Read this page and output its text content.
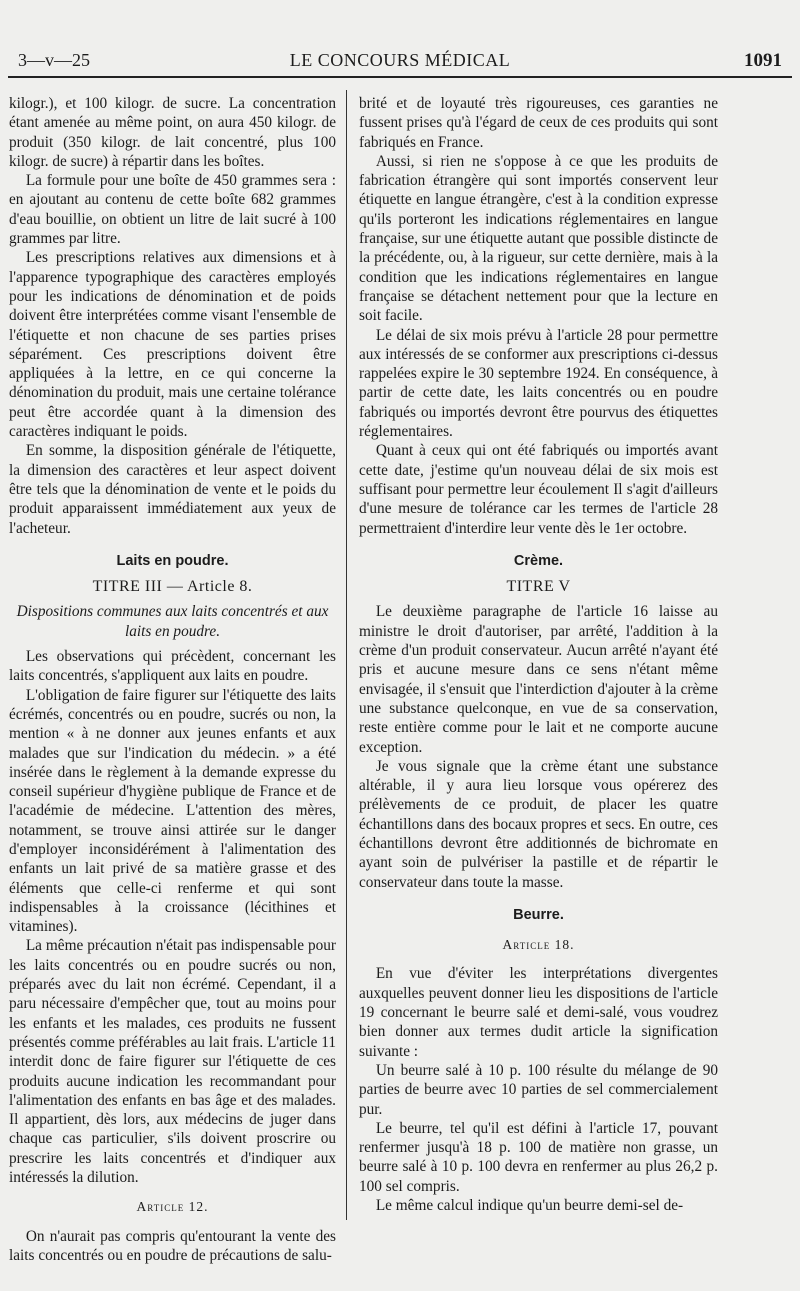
3—v—25	LE CONCOURS MÉDICAL	1091

kilogr.), et 100 kilogr. de sucre. La concentration étant amenée au même point, on aura 450 kilogr. de produit (350 kilogr. de lait concentré, plus 100 kilogr. de sucre) à répartir dans les boîtes.

La formule pour une boîte de 450 grammes sera : en ajoutant au contenu de cette boîte 682 grammes d'eau bouillie, on obtient un litre de lait sucré à 100 grammes par litre.

Les prescriptions relatives aux dimensions et à l'apparence typographique des caractères employés pour les indications de dénomination et de poids doivent être interprétées comme visant l'ensemble de l'étiquette et non chacune de ses parties prises séparément. Ces prescriptions doivent être appliquées à la lettre, en ce qui concerne la dénomination du produit, mais une certaine tolérance peut être accordée quant à la dimension des caractères indiquant le poids.

En somme, la disposition générale de l'étiquette, la dimension des caractères et leur aspect doivent être tels que la dénomination de vente et le poids du produit apparaissent immédiatement aux yeux de l'acheteur.

Laits en poudre.

TITRE III — Article 8.

Dispositions communes aux laits concentrés et aux laits en poudre.

Les observations qui précèdent, concernant les laits concentrés, s'appliquent aux laits en poudre.

L'obligation de faire figurer sur l'étiquette des laits écrémés, concentrés ou en poudre, sucrés ou non, la mention « à ne donner aux jeunes enfants et aux malades que sur l'indication du médecin. » a été insérée dans le règlement à la demande expresse du conseil supérieur d'hygiène publique de France et de l'académie de médecine. L'attention des mères, notamment, se trouve ainsi attirée sur le danger d'employer inconsidérément à l'alimentation des enfants un lait privé de sa matière grasse et des éléments que celle-ci renferme et qui sont indispensables à la croissance (lécithines et vitamines).

La même précaution n'était pas indispensable pour les laits concentrés ou en poudre sucrés ou non, préparés avec du lait non écrémé. Cependant, il a paru nécessaire d'empêcher que, tout au moins pour les enfants et les malades, ces produits ne fussent présentés comme préférables au lait frais. L'article 11 interdit donc de faire figurer sur l'étiquette de ces produits aucune indication les recommandant pour l'alimentation des enfants en bas âge et des malades. Il appartient, dès lors, aux médecins de juger dans chaque cas particulier, s'ils doivent proscrire ou prescrire les laits concentrés et d'indiquer aux intéressés la dilution.

Article 12.

On n'aurait pas compris qu'entourant la vente des laits concentrés ou en poudre de précautions de salu-

brité et de loyauté très rigoureuses, ces garanties ne fussent prises qu'à l'égard de ceux de ces produits qui sont fabriqués en France.

Aussi, si rien ne s'oppose à ce que les produits de fabrication étrangère qui sont importés conservent leur étiquette en langue étrangère, c'est à la condition expresse qu'ils porteront les indications réglementaires en langue française, sur une étiquette autant que possible distincte de la précédente, ou, à la rigueur, sur cette dernière, mais à la condition que les indications réglementaires en langue française se détachent nettement pour que la lecture en soit facile.

Le délai de six mois prévu à l'article 28 pour permettre aux intéressés de se conformer aux prescriptions ci-dessus rappelées expire le 30 septembre 1924. En conséquence, à partir de cette date, les laits concentrés ou en poudre fabriqués ou importés devront être pourvus des étiquettes réglementaires.

Quant à ceux qui ont été fabriqués ou importés avant cette date, j'estime qu'un nouveau délai de six mois est suffisant pour permettre leur écoulement Il s'agit d'ailleurs d'une mesure de tolérance car les termes de l'article 28 permettraient d'interdire leur vente dès le 1er octobre.

Crème.

TITRE V

Le deuxième paragraphe de l'article 16 laisse au ministre le droit d'autoriser, par arrêté, l'addition à la crème d'un produit conservateur. Aucun arrêté n'ayant été pris et aucune mesure dans ce sens n'étant même envisagée, il s'ensuit que l'interdiction d'ajouter à la crème une substance quelconque, en vue de sa conservation, reste entière comme pour le lait et ne comporte aucune exception.

Je vous signale que la crème étant une substance altérable, il y aura lieu lorsque vous opérerez des prélèvements de ce produit, de placer les quatre échantillons dans des bocaux propres et secs. En outre, ces échantillons devront être additionnés de bichromate en ayant soin de pulvériser la pastille et de répartir le conservateur dans toute la masse.

Beurre.

Article 18.

En vue d'éviter les interprétations divergentes auxquelles peuvent donner lieu les dispositions de l'article 19 concernant le beurre salé et demi-salé, vous voudrez bien donner aux termes dudit article la signification suivante :

Un beurre salé à 10 p. 100 résulte du mélange de 90 parties de beurre avec 10 parties de sel commercialement pur.

Le beurre, tel qu'il est défini à l'article 17, pouvant renfermer jusqu'à 18 p. 100 de matière non grasse, un beurre salé à 10 p. 100 devra en renfermer au plus 26,2 p. 100 sel compris.

Le même calcul indique qu'un beurre demi-sel de-
